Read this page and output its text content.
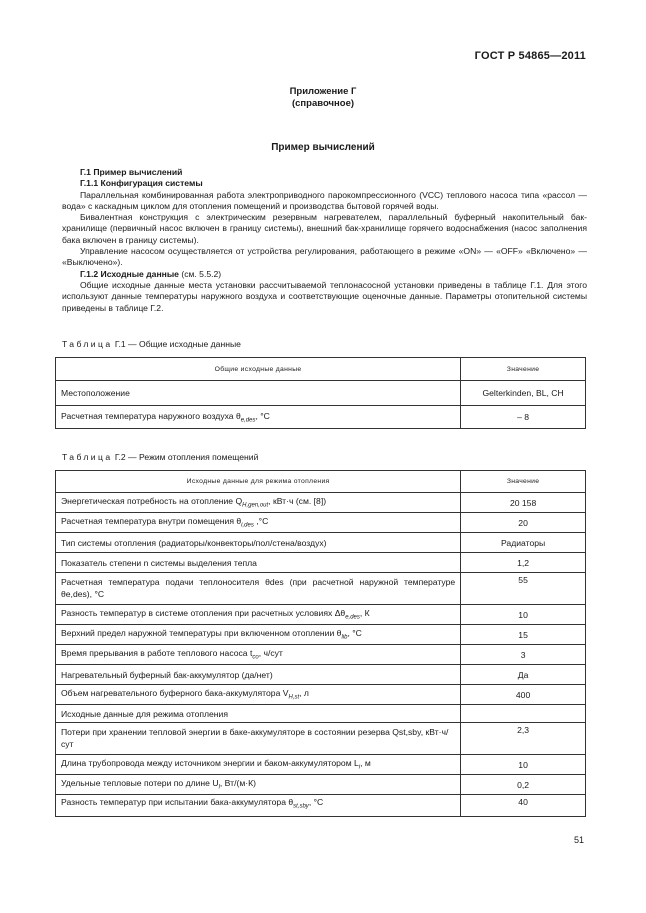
ГОСТ Р 54865—2011
Приложение Г
(справочное)
Пример вычислений

Г.1 Пример вычислений

Г.1.1 Конфигурация системы

Параллельная комбинированная работа электроприводного парокомпрессионного (VCC) теплового насоса типа «рассол — вода» с каскадным циклом для отопления помещений и производства бытовой горячей воды.

Бивалентная конструкция с электрическим резервным нагревателем, параллельный буферный накопительный бак-хранилище (первичный насос включен в границу системы), внешний бак-хранилище горячего водоснабжения (насос заполнения бака включен в границу системы).

Управление насосом осуществляется от устройства регулирования, работающего в режиме «ON» — «OFF» «Включено» — «Выключено»).

Г.1.2 Исходные данные (см. 5.5.2)

Общие исходные данные места установки рассчитываемой теплонасосной установки приведены в таблице Г.1. Для этого используют данные температуры наружного воздуха и соответствующие оценочные данные. Параметры отопительной системы приведены в таблице Г.2.

Таблица Г.1 — Общие исходные данные
Общие исходные данные	Значение
Местоположение	Gelterkinden, BL, CH
Расчетная температура наружного воздуха $\theta_{e,des}$, °C	– 8
Таблица Г.2 — Режим отопления помещений
Исходные данные для режима отопления	Значение
Энергетическая потребность на отопление $Q_{H,gen,out}$, кВт·ч (см. [8])	20 158
Расчетная температура внутри помещения $\theta_{i,des}$ ,°С	20
Тип системы отопления (радиаторы/конвекторы/пол/стена/воздух)	Радиаторы
Показатель степени n системы выделения тепла	1,2
Расчетная температура подачи теплоносителя θdes (при расчетной наружной температуре θe,des), °C	55
Разность температур в системе отопления при расчетных условиях $\Delta\theta_{e,des}$, К	10
Верхний предел наружной температуры при включенном отоплении $\theta_{lib}$, °С	15
Время прерывания в работе теплового насоса $t_{co}$, ч/сут	3
Нагревательный буферный бак-аккумулятор (да/нет)	Да
Объем нагревательного буферного бака-аккумулятора $V_{H,st}$, л	400
Исходные данные для режима отопления	
Потери при хранении тепловой энергии в баке-аккумуляторе в состоянии резерва Qst,sby, кВт·ч/сут	2,3
Длина трубопровода между источником энергии и баком-аккумулятором $L_i$, м	10
Удельные тепловые потери по длине $U_l$, Вт/(м·К)	0,2
Разность температур при испытании бака-аккумулятора $\theta_{st,sby}$, °C	40
51
